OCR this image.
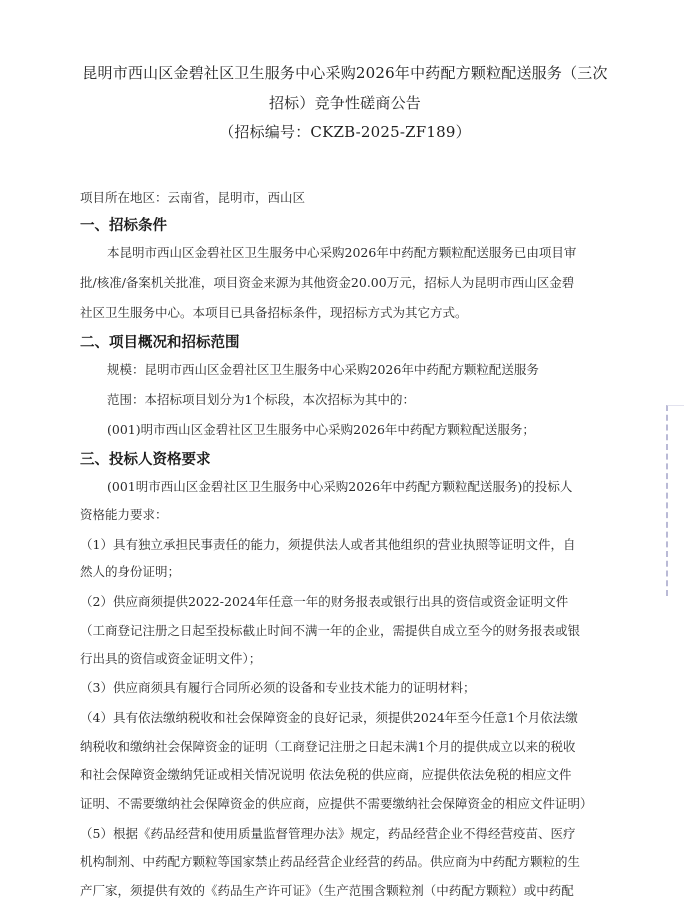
昆明市西山区金碧社区卫生服务中心采购2026年中药配方颗粒配送服务（三次
招标）竞争性磋商公告
（招标编号：CKZB-2025-ZF189）
项目所在地区：云南省，昆明市，西山区
一、招标条件
本昆明市西山区金碧社区卫生服务中心采购2026年中药配方颗粒配送服务已由项目审
批/核准/备案机关批准，项目资金来源为其他资金20.00万元，招标人为昆明市西山区金碧
社区卫生服务中心。本项目已具备招标条件，现招标方式为其它方式。
二、项目概况和招标范围
规模：昆明市西山区金碧社区卫生服务中心采购2026年中药配方颗粒配送服务
范围：本招标项目划分为1个标段，本次招标为其中的：
(001)明市西山区金碧社区卫生服务中心采购2026年中药配方颗粒配送服务；
三、投标人资格要求
(001明市西山区金碧社区卫生服务中心采购2026年中药配方颗粒配送服务)的投标人
资格能力要求：
（1）具有独立承担民事责任的能力，须提供法人或者其他组织的营业执照等证明文件，自
然人的身份证明；
（2）供应商须提供2022-2024年任意一年的财务报表或银行出具的资信或资金证明文件
（工商登记注册之日起至投标截止时间不满一年的企业，需提供自成立至今的财务报表或银
行出具的资信或资金证明文件）；
（3）供应商须具有履行合同所必须的设备和专业技术能力的证明材料；
（4）具有依法缴纳税收和社会保障资金的良好记录，须提供2024年至今任意1个月依法缴
纳税收和缴纳社会保障资金的证明（工商登记注册之日起未满1个月的提供成立以来的税收
和社会保障资金缴纳凭证或相关情况说明 依法免税的供应商，应提供依法免税的相应文件
证明、不需要缴纳社会保障资金的供应商，应提供不需要缴纳社会保障资金的相应文件证明）
（5）根据《药品经营和使用质量监督管理办法》规定，药品经营企业不得经营疫苗、医疗
机构制剂、中药配方颗粒等国家禁止药品经营企业经营的药品。供应商为中药配方颗粒的生
产厂家，须提供有效的《药品生产许可证》（生产范围含颗粒剂（中药配方颗粒）或中药配
